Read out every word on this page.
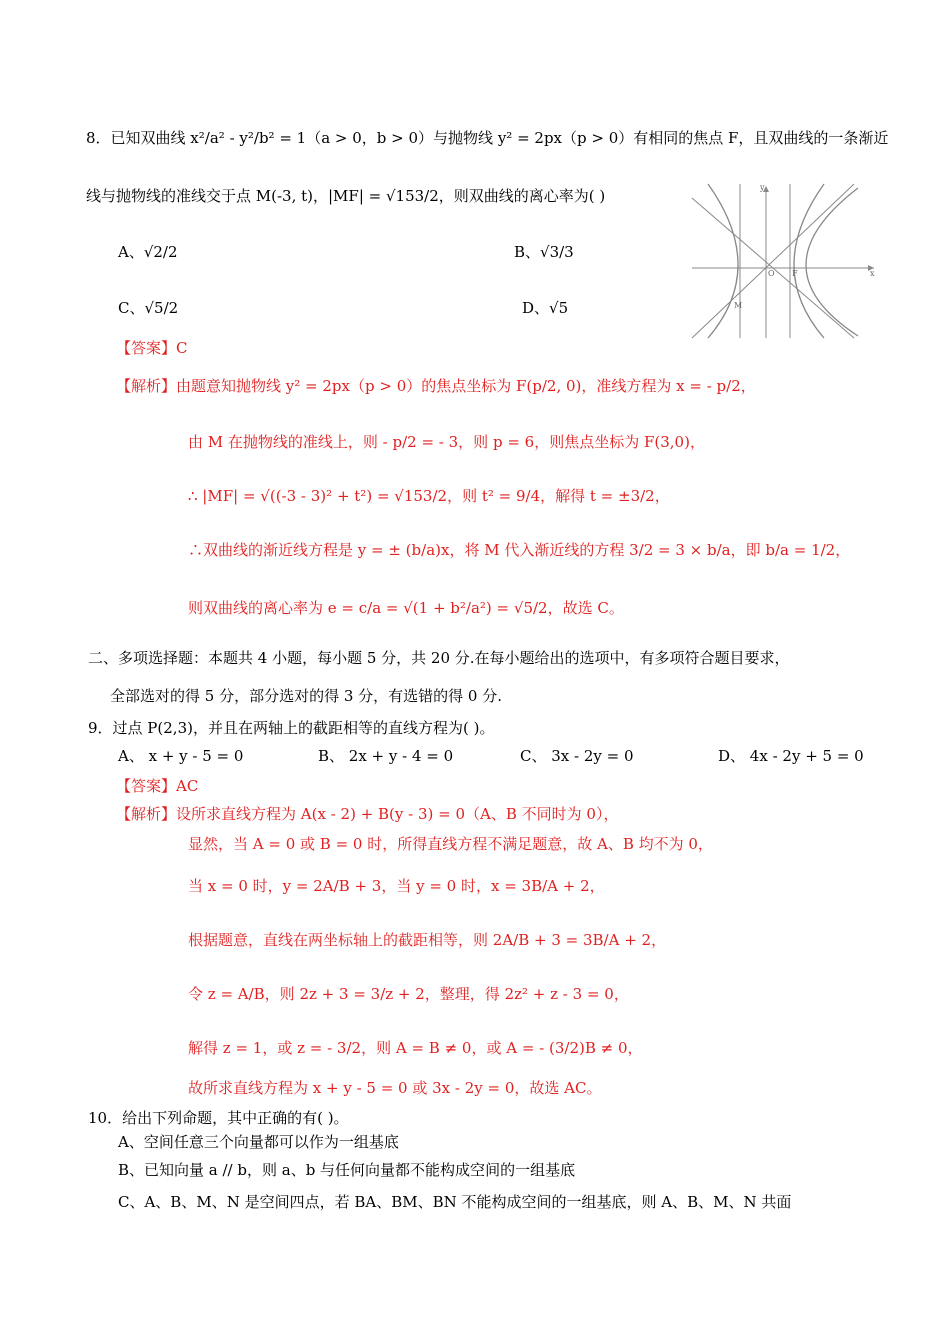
8．已知双曲线 x²/a² - y²/b² = 1（a > 0，b > 0）与抛物线 y² = 2px（p > 0）有相同的焦点 F，且双曲线的一条渐近
线与抛物线的准线交于点 M(-3, t)，|MF| = √153/2，则双曲线的离心率为( )
A、√2/2	B、√3/3
C、√5/2	D、√5
y
x
O F
M
【答案】C
【解析】由题意知抛物线 y² = 2px（p > 0）的焦点坐标为 F(p/2, 0)，准线方程为 x = - p/2，
由 M 在抛物线的准线上，则 - p/2 = - 3，则 p = 6，则焦点坐标为 F(3,0)，
∴ |MF| = √((-3 - 3)² + t²) = √153/2，则 t² = 9/4，解得 t = ±3/2，
∴双曲线的渐近线方程是 y = ± (b/a)x，将 M 代入渐近线的方程 3/2 = 3 × b/a，即 b/a = 1/2，
则双曲线的离心率为 e = c/a = √(1 + b²/a²) = √5/2，故选 C。
二、多项选择题：本题共 4 小题，每小题 5 分，共 20 分.在每小题给出的选项中，有多项符合题目要求，
全部选对的得 5 分，部分选对的得 3 分，有选错的得 0 分.
9．过点 P(2,3)，并且在两轴上的截距相等的直线方程为( )。
A、 x + y - 5 = 0	B、 2x + y - 4 = 0	C、 3x - 2y = 0	D、 4x - 2y + 5 = 0
【答案】AC
【解析】设所求直线方程为 A(x - 2) + B(y - 3) = 0（A、B 不同时为 0），
显然，当 A = 0 或 B = 0 时，所得直线方程不满足题意，故 A、B 均不为 0，
当 x = 0 时，y = 2A/B + 3，当 y = 0 时，x = 3B/A + 2，
根据题意，直线在两坐标轴上的截距相等，则 2A/B + 3 = 3B/A + 2，
令 z = A/B，则 2z + 3 = 3/z + 2，整理，得 2z² + z - 3 = 0，
解得 z = 1，或 z = - 3/2，则 A = B ≠ 0，或 A = - (3/2)B ≠ 0，
故所求直线方程为 x + y - 5 = 0 或 3x - 2y = 0，故选 AC。
10．给出下列命题，其中正确的有( )。
A、空间任意三个向量都可以作为一组基底
B、已知向量 a // b，则 a、b 与任何向量都不能构成空间的一组基底
C、A、B、M、N 是空间四点，若 BA、BM、BN 不能构成空间的一组基底，则 A、B、M、N 共面
